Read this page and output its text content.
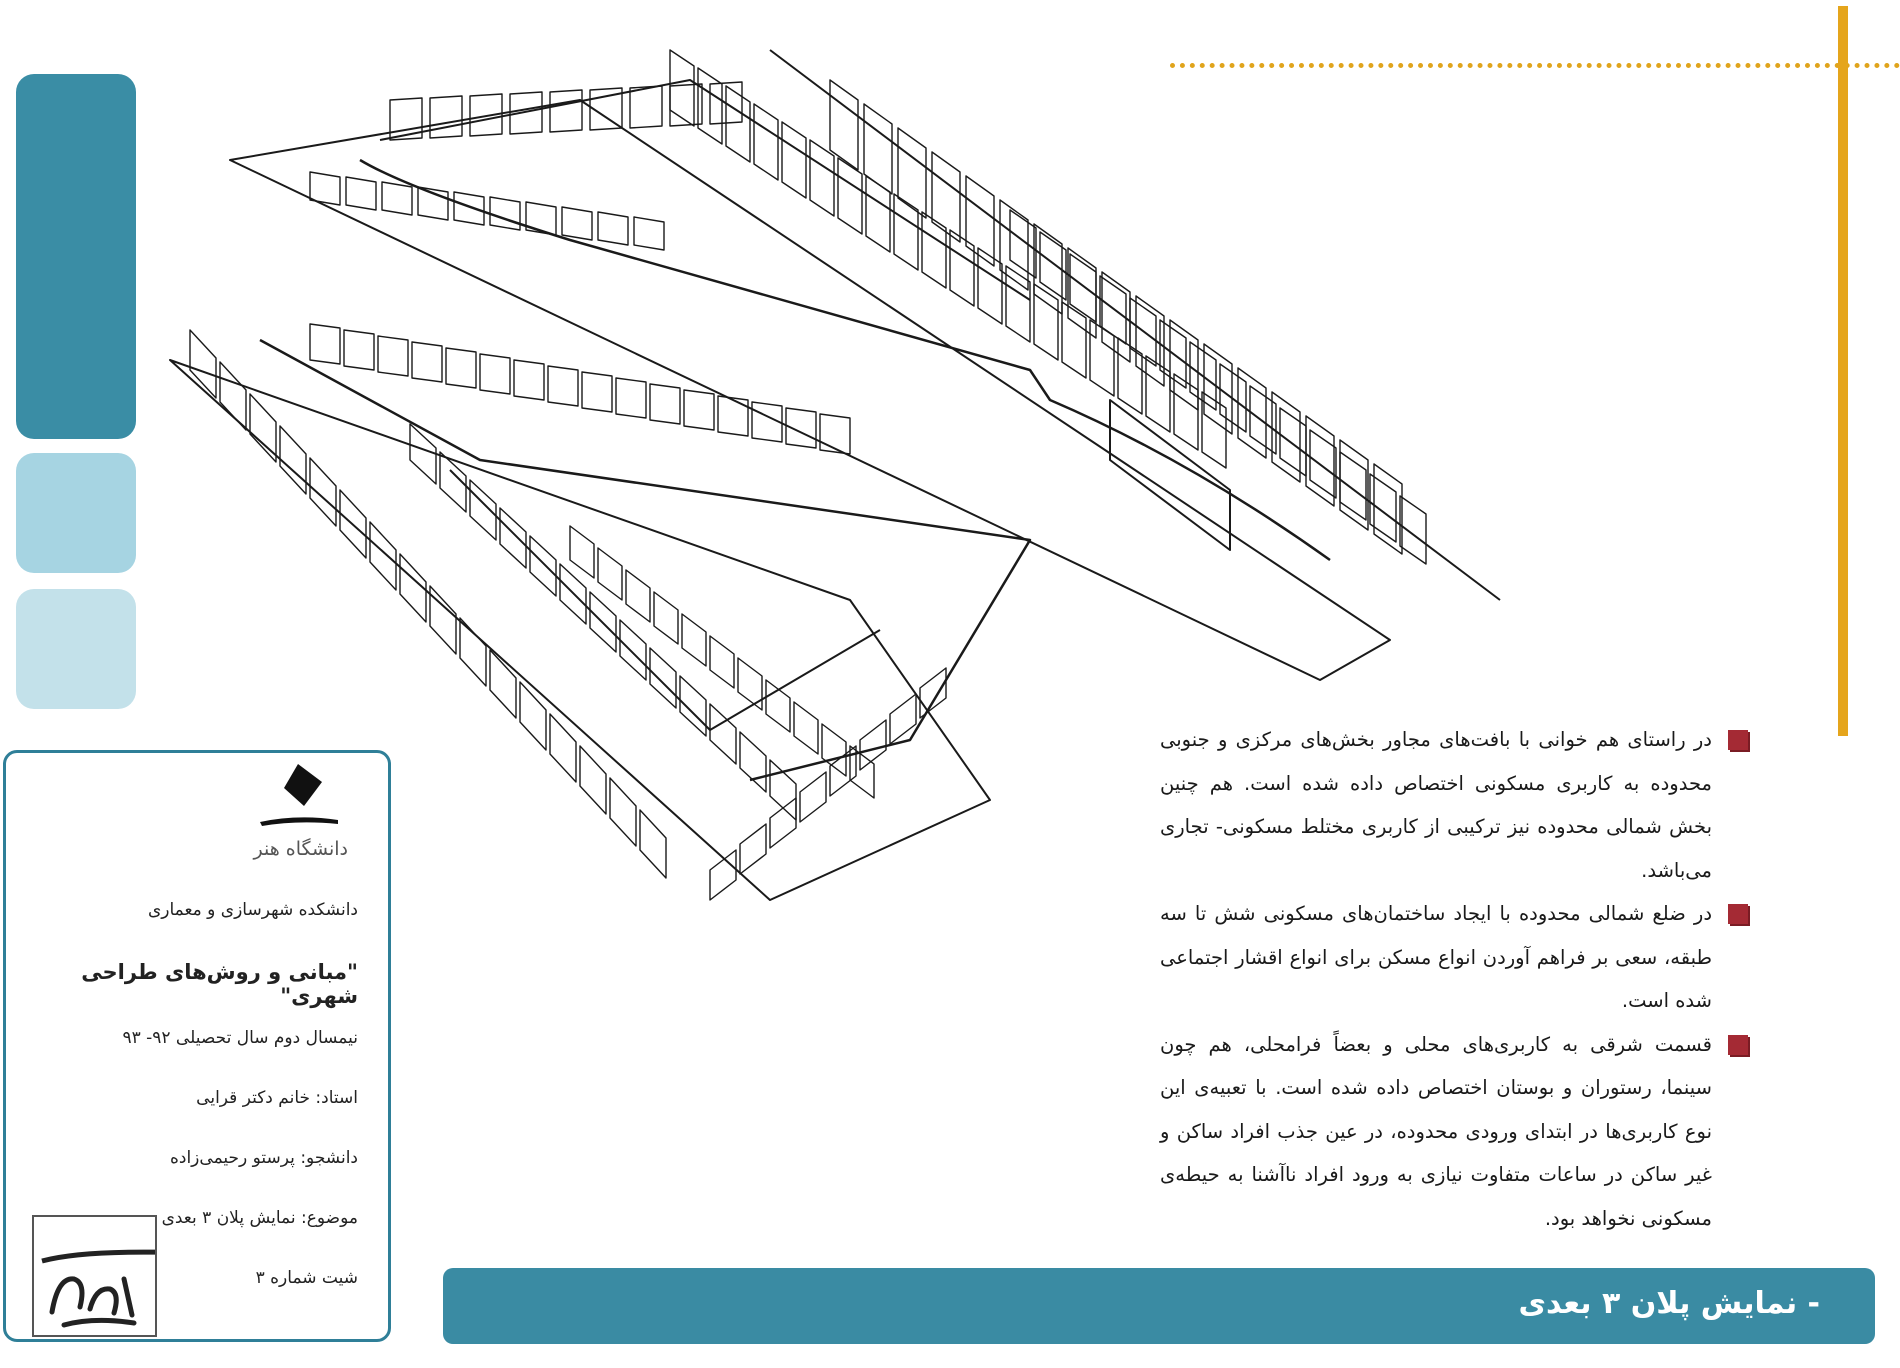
دانشگاه هنر
دانشکده شهرسازی و معماری
"مبانی و روش‌های طراحی شهری"
نیمسال دوم سال تحصیلی ۹۲- ۹۳
استاد: خانم دکتر قرایی
دانشجو: پرستو رحیمی‌زاده
موضوع: نمایش پلان ۳ بعدی
شیت شماره ۳
در راستای هم خوانی با بافت‌های مجاور بخش‌های مرکزی و جنوبی محدوده به کاربری مسکونی اختصاص داده شده است. هم چنین بخش شمالی محدوده نیز ترکیبی از کاربری مختلط مسکونی- تجاری می‌باشد.
در ضلع شمالی محدوده با ایجاد ساختمان‌های مسکونی شش تا سه طبقه، سعی بر فراهم آوردن انواع مسکن برای انواع اقشار اجتماعی شده است.
قسمت شرقی به کاربری‌های محلی و بعضاً فرامحلی، هم چون سینما، رستوران و بوستان اختصاص داده شده است. با تعبیه‌ی این نوع کاربری‌ها در ابتدای ورودی محدوده، در عین جذب افراد ساکن و غیر ساکن در ساعات متفاوت نیازی به ورود افراد ناآشنا به حیطه‌ی مسکونی نخواهد بود.
- نمایش پلان ۳ بعدی
